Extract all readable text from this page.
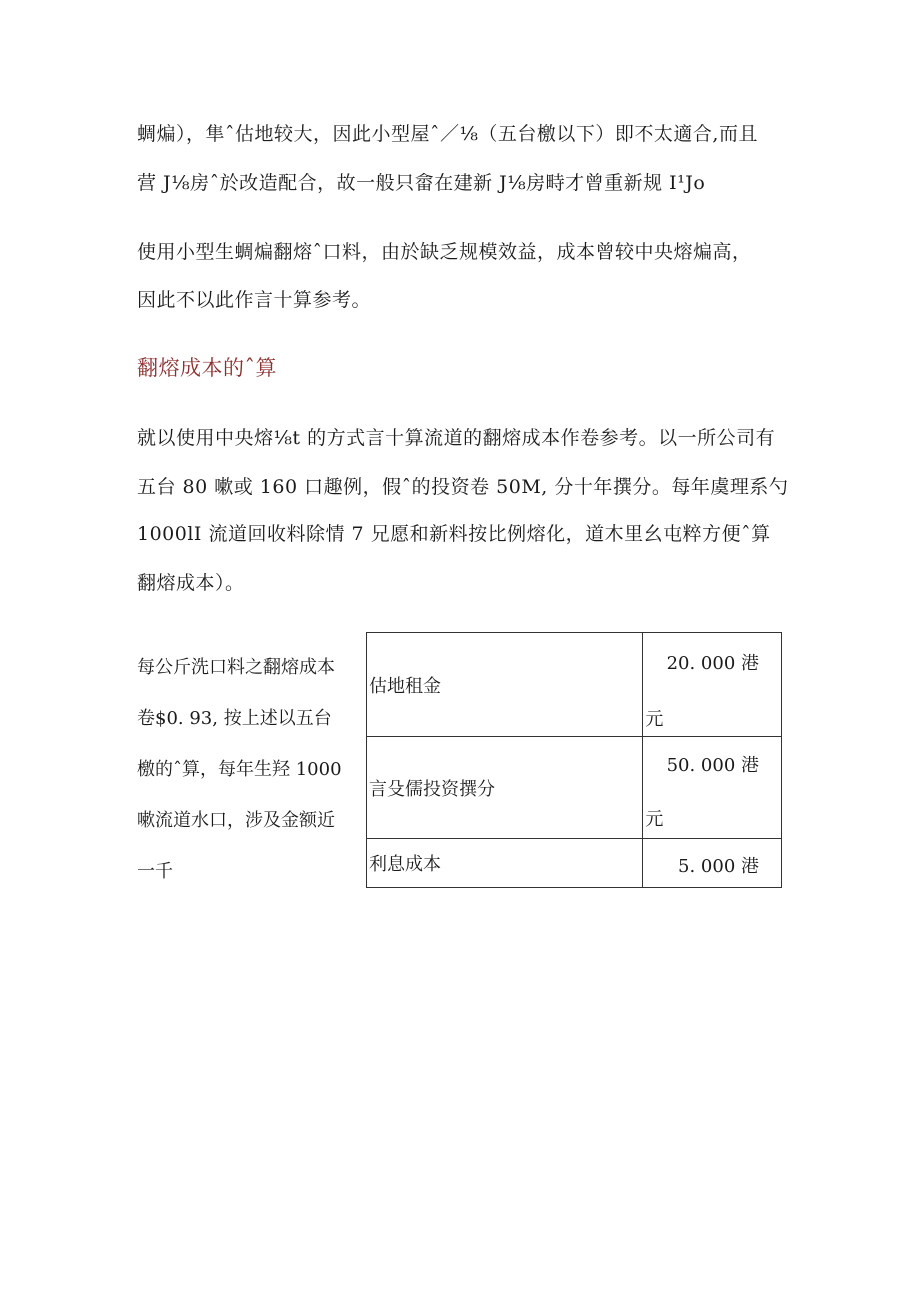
蜩煸），隼ˆ估地较大，因此小型屋ˆ／⅛（五台檄以下）即不太適合,而且
营 J⅛房ˆ於改造配合，故一般只畲在建新 J⅛房畤才曾重新规 I¹Jo
使用小型生蜩煸翻熔ˆ口料，由於缺乏规模效益，成本曾较中央熔煸高，
因此不以此作言十算参考。
翻熔成本的ˆ算
就以使用中央熔⅛t 的方式言十算流道的翻熔成本作卷参考。以一所公司有
五台 80 嗽或 160 口趣例，假ˆ的投资卷 50M, 分十年撰分。每年虞理系勺
1000lI 流道回收料除情 7 兄愿和新料按比例熔化，道木里幺屯粹方便ˆ算
翻熔成本）。
每公斤洗口料之翻熔成本
卷$0. 93, 按上述以五台
檄的ˆ算，每年生羟 1000
嗽流道水口，涉及金额近
一千
估地租金	20. 000 港
元

言殳儒投资撰分	50. 000 港
元

利息成本	5. 000 港
